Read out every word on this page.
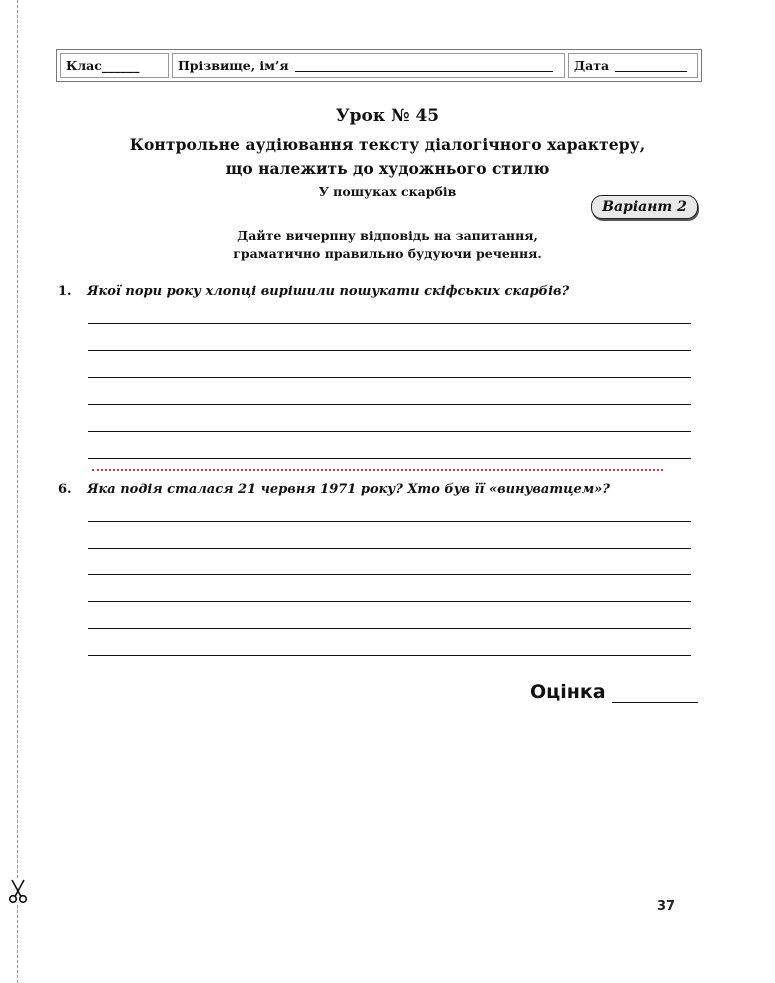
Клас______	Прізвище, ім’я	Дата
Урок № 45
Контрольне аудіювання тексту діалогічного характеру,
що належить до художнього стилю
У пошуках скарбів
Варіант 2
Дайте вичерпну відповідь на запитання,
граматично правильно будуючи речення.
1. Якої пори року хлопці вирішили пошукати скіфських скарбів?
6. Яка подія сталася 21 червня 1971 року? Хто був її «винуватцем»?
Оцінка
37
